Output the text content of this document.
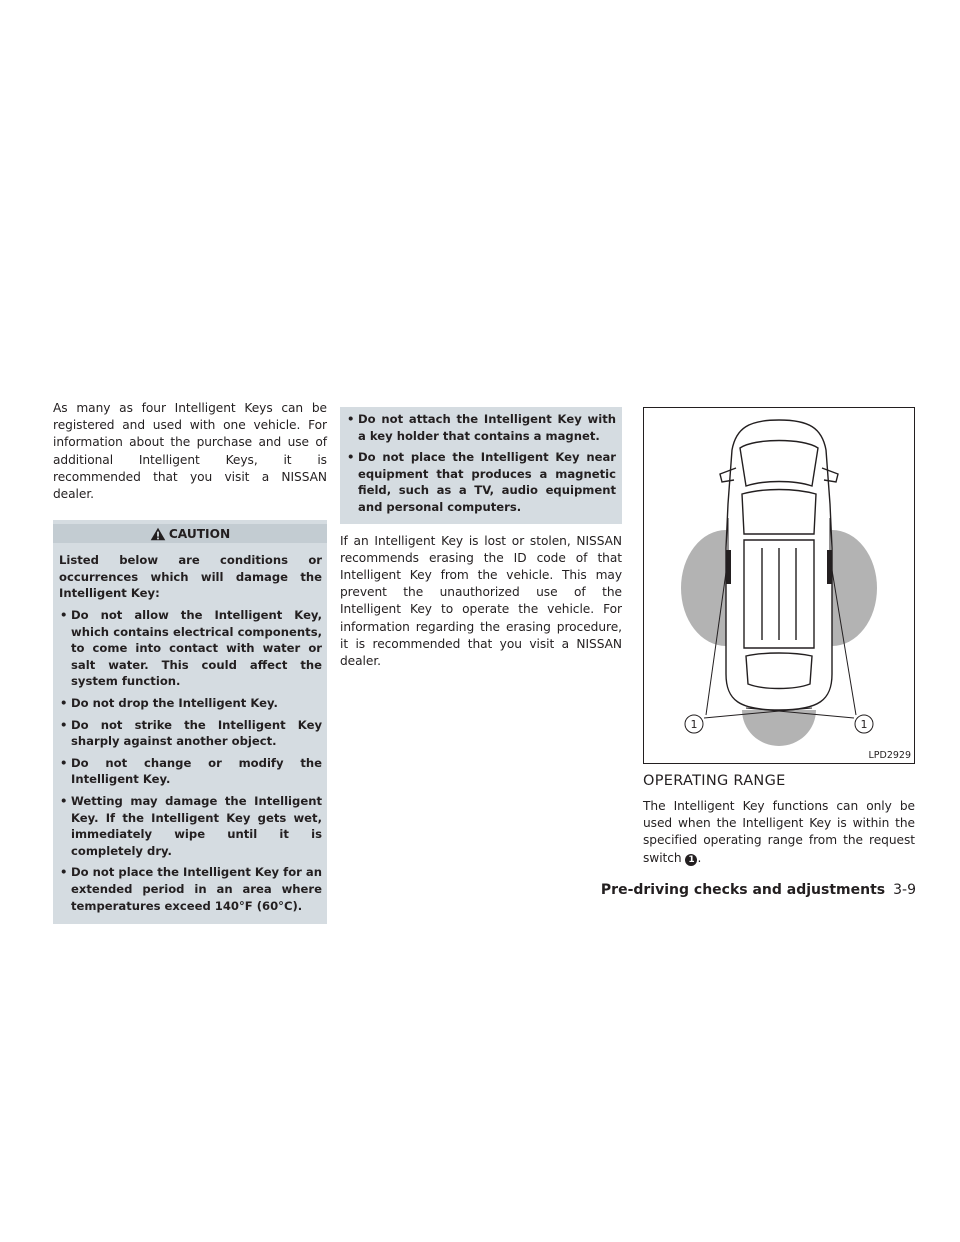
As many as four Intelligent Keys can be registered and used with one vehicle. For information about the purchase and use of additional Intelligent Keys, it is recommended that you visit a NISSAN dealer.

CAUTION

Listed below are conditions or occurrences which will damage the Intelligent Key:

• Do not allow the Intelligent Key, which contains electrical components, to come into contact with water or salt water. This could affect the system function.
• Do not drop the Intelligent Key.
• Do not strike the Intelligent Key sharply against another object.
• Do not change or modify the Intelligent Key.
• Wetting may damage the Intelligent Key. If the Intelligent Key gets wet, immediately wipe until it is completely dry.
• Do not place the Intelligent Key for an extended period in an area where temperatures exceed 140°F (60°C).
• Do not attach the Intelligent Key with a key holder that contains a magnet.
• Do not place the Intelligent Key near equipment that produces a magnetic field, such as a TV, audio equipment and personal computers.

If an Intelligent Key is lost or stolen, NISSAN recommends erasing the ID code of that Intelligent Key from the vehicle. This may prevent the unauthorized use of the Intelligent Key to operate the vehicle. For information regarding the erasing procedure, it is recommended that you visit a NISSAN dealer.

1	1
LPD2929
OPERATING RANGE

The Intelligent Key functions can only be used when the Intelligent Key is within the specified operating range from the request switch 1 .

Pre-driving checks and adjustments 3-9
